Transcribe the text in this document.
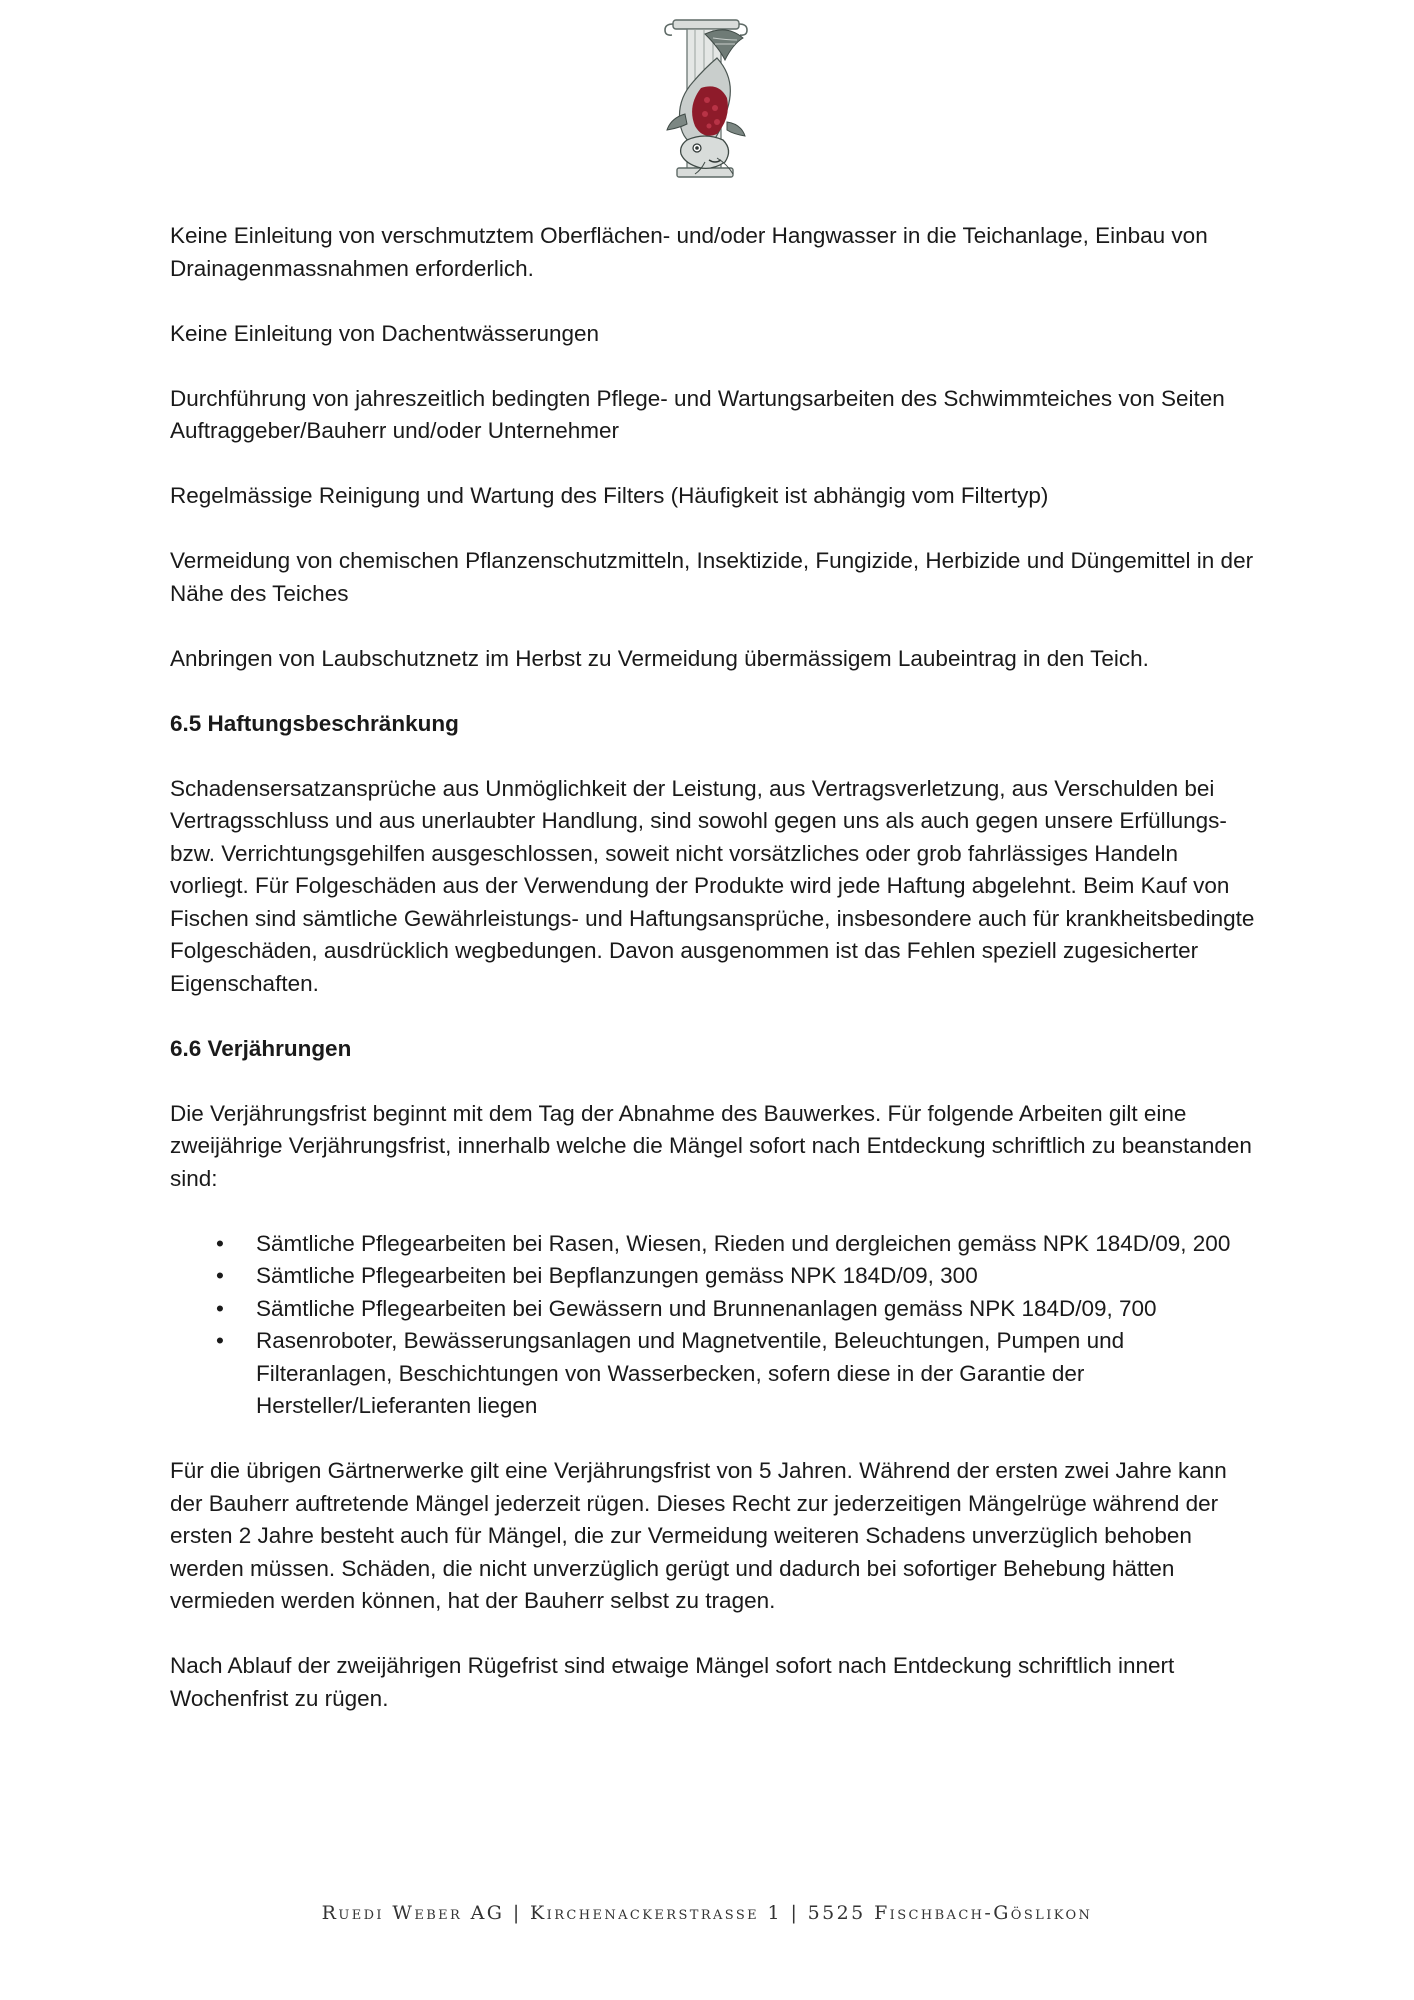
Keine Einleitung von verschmutztem Oberflächen- und/oder Hangwasser in die Teichanlage, Einbau von Drainagenmassnahmen erforderlich.

Keine Einleitung von Dachentwässerungen

Durchführung von jahreszeitlich bedingten Pflege- und Wartungsarbeiten des Schwimmteiches von Seiten Auftraggeber/Bauherr und/oder Unternehmer

Regelmässige Reinigung und Wartung des Filters (Häufigkeit ist abhängig vom Filtertyp)

Vermeidung von chemischen Pflanzenschutzmitteln, Insektizide, Fungizide, Herbizide und Düngemittel in der Nähe des Teiches

Anbringen von Laubschutznetz im Herbst zu Vermeidung übermässigem Laubeintrag in den Teich.

6.5 Haftungsbeschränkung

Schadensersatzansprüche aus Unmöglichkeit der Leistung, aus Vertragsverletzung, aus Verschulden bei Vertragsschluss und aus unerlaubter Handlung, sind sowohl gegen uns als auch gegen unsere Erfüllungs- bzw. Verrichtungsgehilfen ausgeschlossen, soweit nicht vorsätzliches oder grob fahrlässiges Handeln vorliegt. Für Folgeschäden aus der Verwendung der Produkte wird jede Haftung abgelehnt. Beim Kauf von Fischen sind sämtliche Gewährleistungs- und Haftungsansprüche, insbesondere auch für krankheitsbedingte Folgeschäden, ausdrücklich wegbedungen. Davon ausgenommen ist das Fehlen speziell zugesicherter Eigenschaften.

6.6 Verjährungen

Die Verjährungsfrist beginnt mit dem Tag der Abnahme des Bauwerkes. Für folgende Arbeiten gilt eine zweijährige Verjährungsfrist, innerhalb welche die Mängel sofort nach Entdeckung schriftlich zu beanstanden sind:

• Sämtliche Pflegearbeiten bei Rasen, Wiesen, Rieden und dergleichen gemäss NPK 184D/09, 200
• Sämtliche Pflegearbeiten bei Bepflanzungen gemäss NPK 184D/09, 300
• Sämtliche Pflegearbeiten bei Gewässern und Brunnenanlagen gemäss NPK 184D/09, 700
• Rasenroboter, Bewässerungsanlagen und Magnetventile, Beleuchtungen, Pumpen und Filteranlagen, Beschichtungen von Wasserbecken, sofern diese in der Garantie der Hersteller/Lieferanten liegen

Für die übrigen Gärtnerwerke gilt eine Verjährungsfrist von 5 Jahren. Während der ersten zwei Jahre kann der Bauherr auftretende Mängel jederzeit rügen. Dieses Recht zur jederzeitigen Mängelrüge während der ersten 2 Jahre besteht auch für Mängel, die zur Vermeidung weiteren Schadens unverzüglich behoben werden müssen. Schäden, die nicht unverzüglich gerügt und dadurch bei sofortiger Behebung hätten vermieden werden können, hat der Bauherr selbst zu tragen.

Nach Ablauf der zweijährigen Rügefrist sind etwaige Mängel sofort nach Entdeckung schriftlich innert Wochenfrist zu rügen.

Ruedi Weber AG | Kirchenackerstrasse 1 | 5525 Fischbach-Göslikon
